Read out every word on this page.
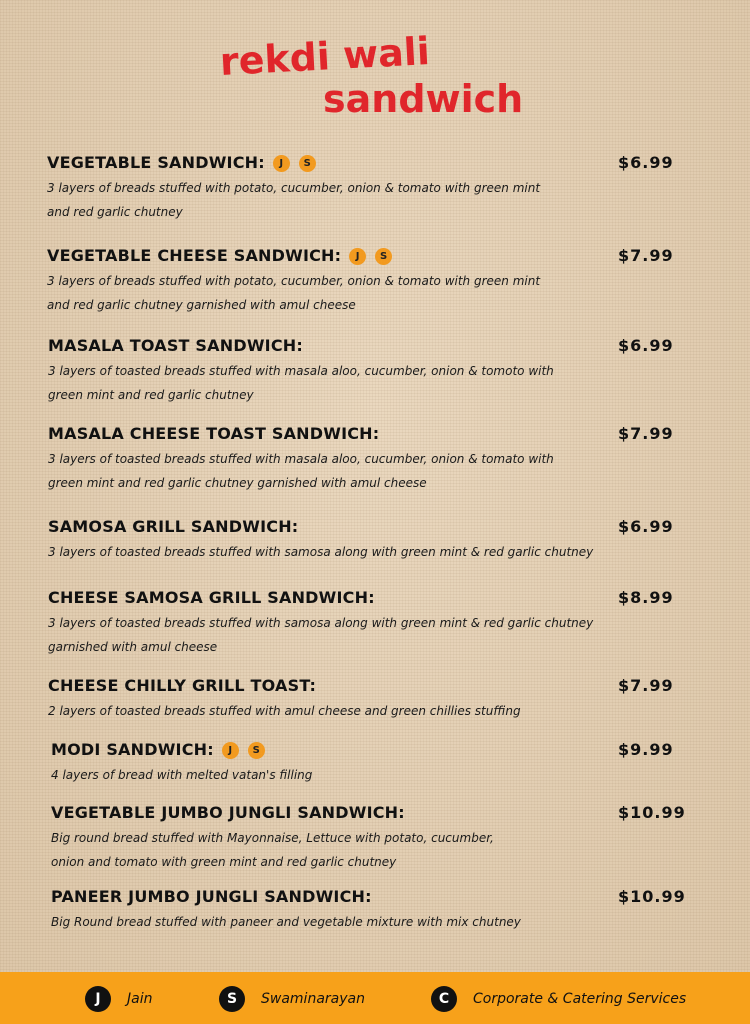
rekdi wali
sandwich
VEGETABLE SANDWICH:	J	S	$6.99
3 layers of breads stuffed with potato, cucumber, onion & tomato with green mint
and red garlic chutney
VEGETABLE CHEESE SANDWICH:	J	S	$7.99
3 layers of breads stuffed with potato, cucumber, onion & tomato with green mint
and red garlic chutney garnished with amul cheese
MASALA TOAST SANDWICH:	$6.99
3 layers of toasted breads stuffed with masala aloo, cucumber, onion & tomoto with
green mint and red garlic chutney
MASALA CHEESE TOAST SANDWICH:	$7.99
3 layers of toasted breads stuffed with masala aloo, cucumber, onion & tomato with
green mint and red garlic chutney garnished with amul cheese
SAMOSA GRILL SANDWICH:	$6.99
3 layers of toasted breads stuffed with samosa along with green mint & red garlic chutney
CHEESE SAMOSA GRILL SANDWICH:	$8.99
3 layers of toasted breads stuffed with samosa along with green mint & red garlic chutney
garnished with amul cheese
CHEESE CHILLY GRILL TOAST:	$7.99
2 layers of toasted breads stuffed with amul cheese and green chillies stuffing
MODI SANDWICH:	J	S	$9.99
4 layers of bread with melted vatan's filling
VEGETABLE JUMBO JUNGLI SANDWICH:	$10.99
Big round bread stuffed with Mayonnaise, Lettuce with potato, cucumber,
onion and tomato with green mint and red garlic chutney
PANEER JUMBO JUNGLI SANDWICH:	$10.99
Big Round bread stuffed with paneer and vegetable mixture with mix chutney
J	Jain	S	Swaminarayan	C	Corporate & Catering Services
